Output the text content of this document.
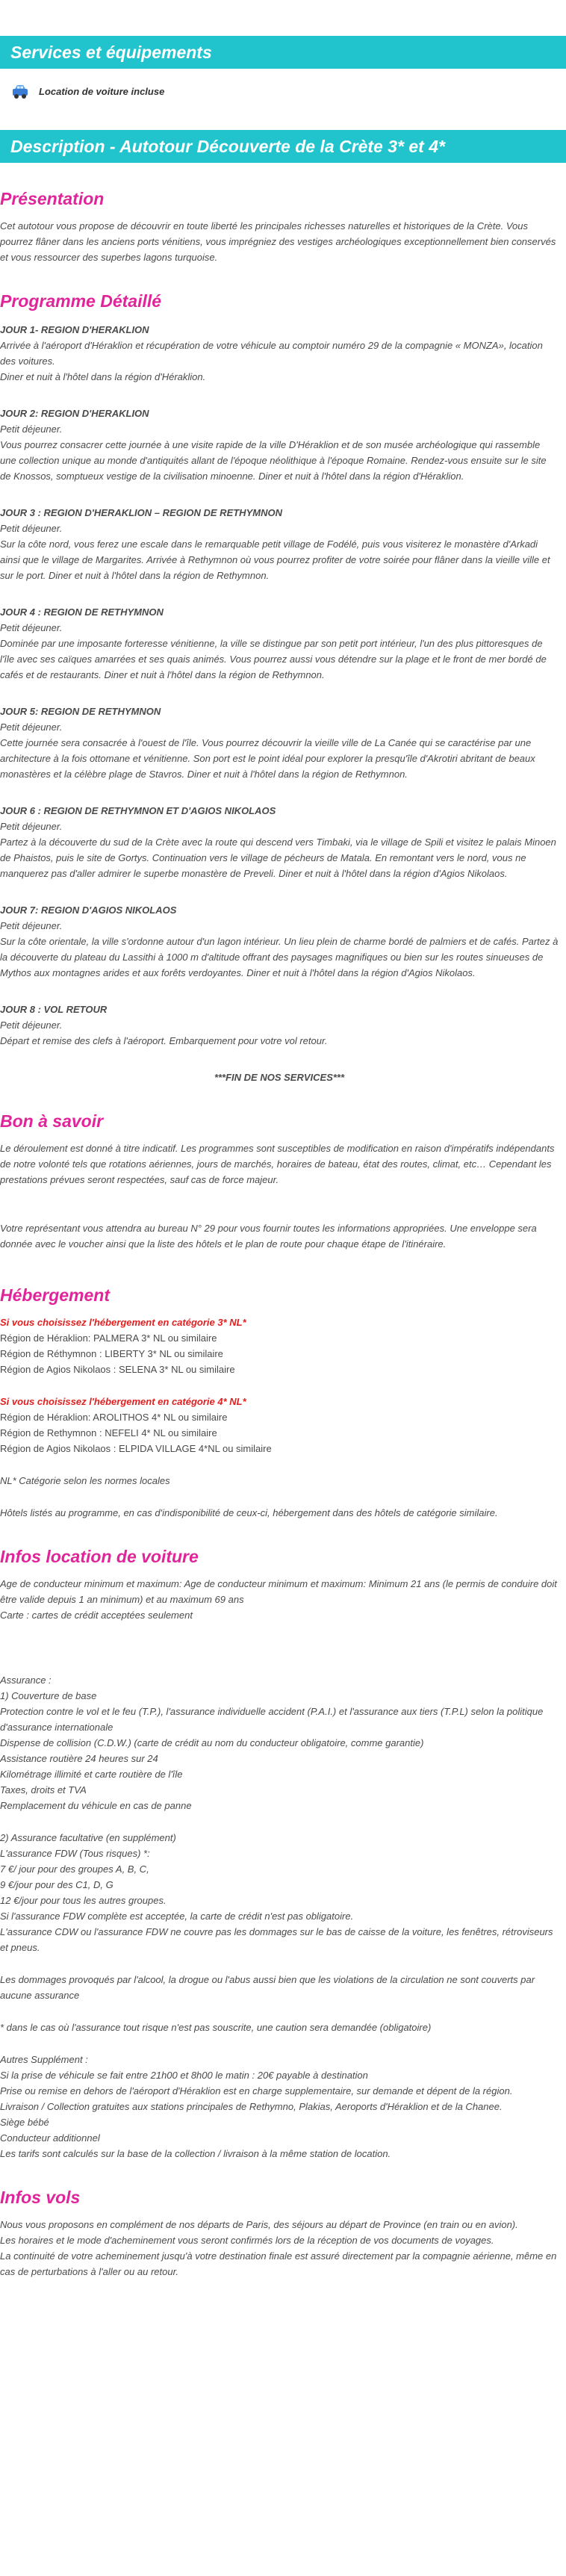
Services et équipements
Location de voiture incluse
Description - Autotour Découverte de la Crète 3* et 4*
Présentation

Cet autotour vous propose de découvrir en toute liberté les principales richesses naturelles et historiques de la Crète. Vous pourrez flâner dans les anciens ports vénitiens, vous imprégniez des vestiges archéologiques exceptionnellement bien conservés et vous ressourcer des superbes lagons turquoise.

Programme Détaillé

JOUR 1- REGION D'HERAKLION

Arrivée à l'aéroport d'Héraklion et récupération de votre véhicule au comptoir numéro 29 de la compagnie « MONZA», location des voitures.

Diner et nuit à l'hôtel dans la région d'Héraklion.

JOUR 2: REGION D'HERAKLION

Petit déjeuner.

Vous pourrez consacrer cette journée à une visite rapide de la ville D'Héraklion et de son musée archéologique qui rassemble une collection unique au monde d'antiquités allant de l'époque néolithique à l'époque Romaine. Rendez-vous ensuite sur le site de Knossos, somptueux vestige de la civilisation minoenne. Diner et nuit à l'hôtel dans la région d'Héraklion.

JOUR 3 : REGION D'HERAKLION – REGION DE RETHYMNON

Petit déjeuner.

Sur la côte nord, vous ferez une escale dans le remarquable petit village de Fodélé, puis vous visiterez le monastère d'Arkadi ainsi que le village de Margarites. Arrivée à Rethymnon où vous pourrez profiter de votre soirée pour flâner dans la vieille ville et sur le port. Diner et nuit à l'hôtel dans la région de Rethymnon.

JOUR 4 : REGION DE RETHYMNON

Petit déjeuner.

Dominée par une imposante forteresse vénitienne, la ville se distingue par son petit port intérieur, l'un des plus pittoresques de l'île avec ses caïques amarrées et ses quais animés. Vous pourrez aussi vous détendre sur la plage et le front de mer bordé de cafés et de restaurants. Diner et nuit à l'hôtel dans la région de Rethymnon.

JOUR 5: REGION DE RETHYMNON

Petit déjeuner.

Cette journée sera consacrée à l'ouest de l'île. Vous pourrez découvrir la vieille ville de La Canée qui se caractérise par une architecture à la fois ottomane et vénitienne. Son port est le point idéal pour explorer la presqu'île d'Akrotiri abritant de beaux monastères et la célèbre plage de Stavros. Diner et nuit à l'hôtel dans la région de Rethymnon.

JOUR 6 : REGION DE RETHYMNON ET D'AGIOS NIKOLAOS

Petit déjeuner.

Partez à la découverte du sud de la Crète avec la route qui descend vers Timbaki, via le village de Spili et visitez le palais Minoen de Phaistos, puis le site de Gortys. Continuation vers le village de pécheurs de Matala. En remontant vers le nord, vous ne manquerez pas d'aller admirer le superbe monastère de Preveli. Diner et nuit à l'hôtel dans la région d'Agios Nikolaos.

JOUR 7: REGION D'AGIOS NIKOLAOS

Petit déjeuner.

Sur la côte orientale, la ville s'ordonne autour d'un lagon intérieur. Un lieu plein de charme bordé de palmiers et de cafés. Partez à la découverte du plateau du Lassithi à 1000 m d'altitude offrant des paysages magnifiques ou bien sur les routes sinueuses de Mythos aux montagnes arides et aux forêts verdoyantes. Diner et nuit à l'hôtel dans la région d'Agios Nikolaos.

JOUR 8 : VOL RETOUR

Petit déjeuner.

Départ et remise des clefs à l'aéroport. Embarquement pour votre vol retour.

***FIN DE NOS SERVICES***

Bon à savoir

Le déroulement est donné à titre indicatif. Les programmes sont susceptibles de modification en raison d'impératifs indépendants de notre volonté tels que rotations aériennes, jours de marchés, horaires de bateau, état des routes, climat, etc… Cependant les prestations prévues seront respectées, sauf cas de force majeur.

Votre représentant vous attendra au bureau N° 29 pour vous fournir toutes les informations appropriées. Une enveloppe sera donnée avec le voucher ainsi que la liste des hôtels et le plan de route pour chaque étape de l'itinéraire.

Hébergement

Si vous choisissez l'hébergement en catégorie 3* NL*

Région de Héraklion: PALMERA 3* NL ou similaire

Région de Réthymnon : LIBERTY 3* NL ou similaire

Région de Agios Nikolaos : SELENA 3* NL ou similaire

Si vous choisissez l'hébergement en catégorie 4* NL*

Région de Héraklion: AROLITHOS 4* NL ou similaire

Région de Rethymnon : NEFELI 4* NL ou similaire

Région de Agios Nikolaos : ELPIDA VILLAGE 4*NL ou similaire

NL* Catégorie selon les normes locales

Hôtels listés au programme, en cas d'indisponibilité de ceux-ci, hébergement dans des hôtels de catégorie similaire.

Infos location de voiture

Age de conducteur minimum et maximum: Age de conducteur minimum et maximum: Minimum 21 ans (le permis de conduire doit être valide depuis 1 an minimum) et au maximum 69 ans

Carte : cartes de crédit acceptées seulement

Assurance :

1) Couverture de base

Protection contre le vol et le feu (T.P.), l'assurance individuelle accident (P.A.I.) et l'assurance aux tiers (T.P.L) selon la politique d'assurance internationale

Dispense de collision (C.D.W.) (carte de crédit au nom du conducteur obligatoire, comme garantie)

Assistance routière 24 heures sur 24

Kilométrage illimité et carte routière de l'île

Taxes, droits et TVA

Remplacement du véhicule en cas de panne

2) Assurance facultative (en supplément)

L'assurance FDW (Tous risques) *:

7 €/ jour pour des groupes A, B, C,

9 €/jour pour des C1, D, G

12 €/jour pour tous les autres groupes.

Si l'assurance FDW complète est acceptée, la carte de crédit n'est pas obligatoire.

L'assurance CDW ou l'assurance FDW ne couvre pas les dommages sur le bas de caisse de la voiture, les fenêtres, rétroviseurs et pneus.

Les dommages provoqués par l'alcool, la drogue ou l'abus aussi bien que les violations de la circulation ne sont couverts par aucune assurance

* dans le cas où l'assurance tout risque n'est pas souscrite, une caution sera demandée (obligatoire)

Autres Supplément :

Si la prise de véhicule se fait entre 21h00 et 8h00 le matin : 20€ payable à destination

Prise ou remise en dehors de l'aéroport d'Héraklion est en charge supplementaire, sur demande et dépent de la région.

Livraison / Collection gratuites aux stations principales de Rethymno, Plakias, Aeroports d'Héraklion et de la Chanee.

Siège bébé

Conducteur additionnel

Les tarifs sont calculés sur la base de la collection / livraison à la même station de location.

Infos vols

Nous vous proposons en complément de nos départs de Paris, des séjours au départ de Province (en train ou en avion).

Les horaires et le mode d'acheminement vous seront confirmés lors de la réception de vos documents de voyages.

La continuité de votre acheminement jusqu'à votre destination finale est assuré directement par la compagnie aérienne, même en cas de perturbations à l'aller ou au retour.
